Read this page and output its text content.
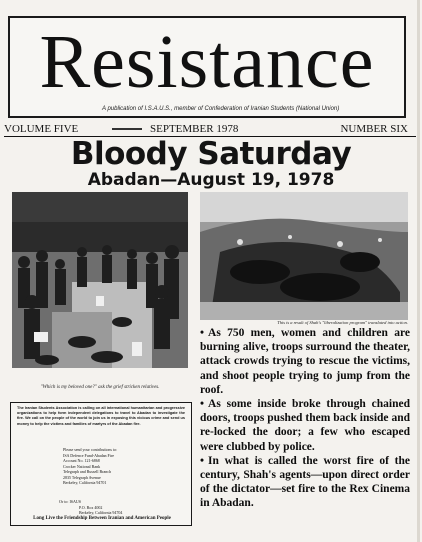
Resistance
A publication of I.S.A.U.S., member of Confederation of Iranian Students (National Union)
VOLUME FIVE	SEPTEMBER 1978	NUMBER SIX
Bloody Saturday
Abadan—August 19, 1978
"Which is my beloved one?" ask the grief stricken relatives.
This is a result of Shah's "liberalization program" translated into action.

• As 750 men, women and children are burning alive, troops surround the theater, attack crowds trying to rescue the victims, and shoot people trying to jump from the roof.

• As some inside broke through chained doors, troops pushed them back inside and re-locked the door; a few who escaped were clubbed by police.

• In what is called the worst fire of the century, Shah's agents—upon direct order of the dictator—set fire to the Rex Cinema in Abadan.

The Iranian Students Association is calling on all international humanitarian and progressive organizations to help form independent delegations to travel to Abadan to investigate the fire. We call on the people of the world to join us in exposing this vicious crime and send us money to help the victims and families of martyrs of the Abadan fire.
Please send your contributions to:
ISA Defence Fund-Abadan Fire
Account No. 121-6868
Crocker National Bank
Telegraph and Russell Branch
2835 Telegraph Avenue
Berkeley, California 94701
Or to: ISAUS
P.O. Box 4002
Berkeley, California 94704
Long Live the Friendship Between Iranian and American People
